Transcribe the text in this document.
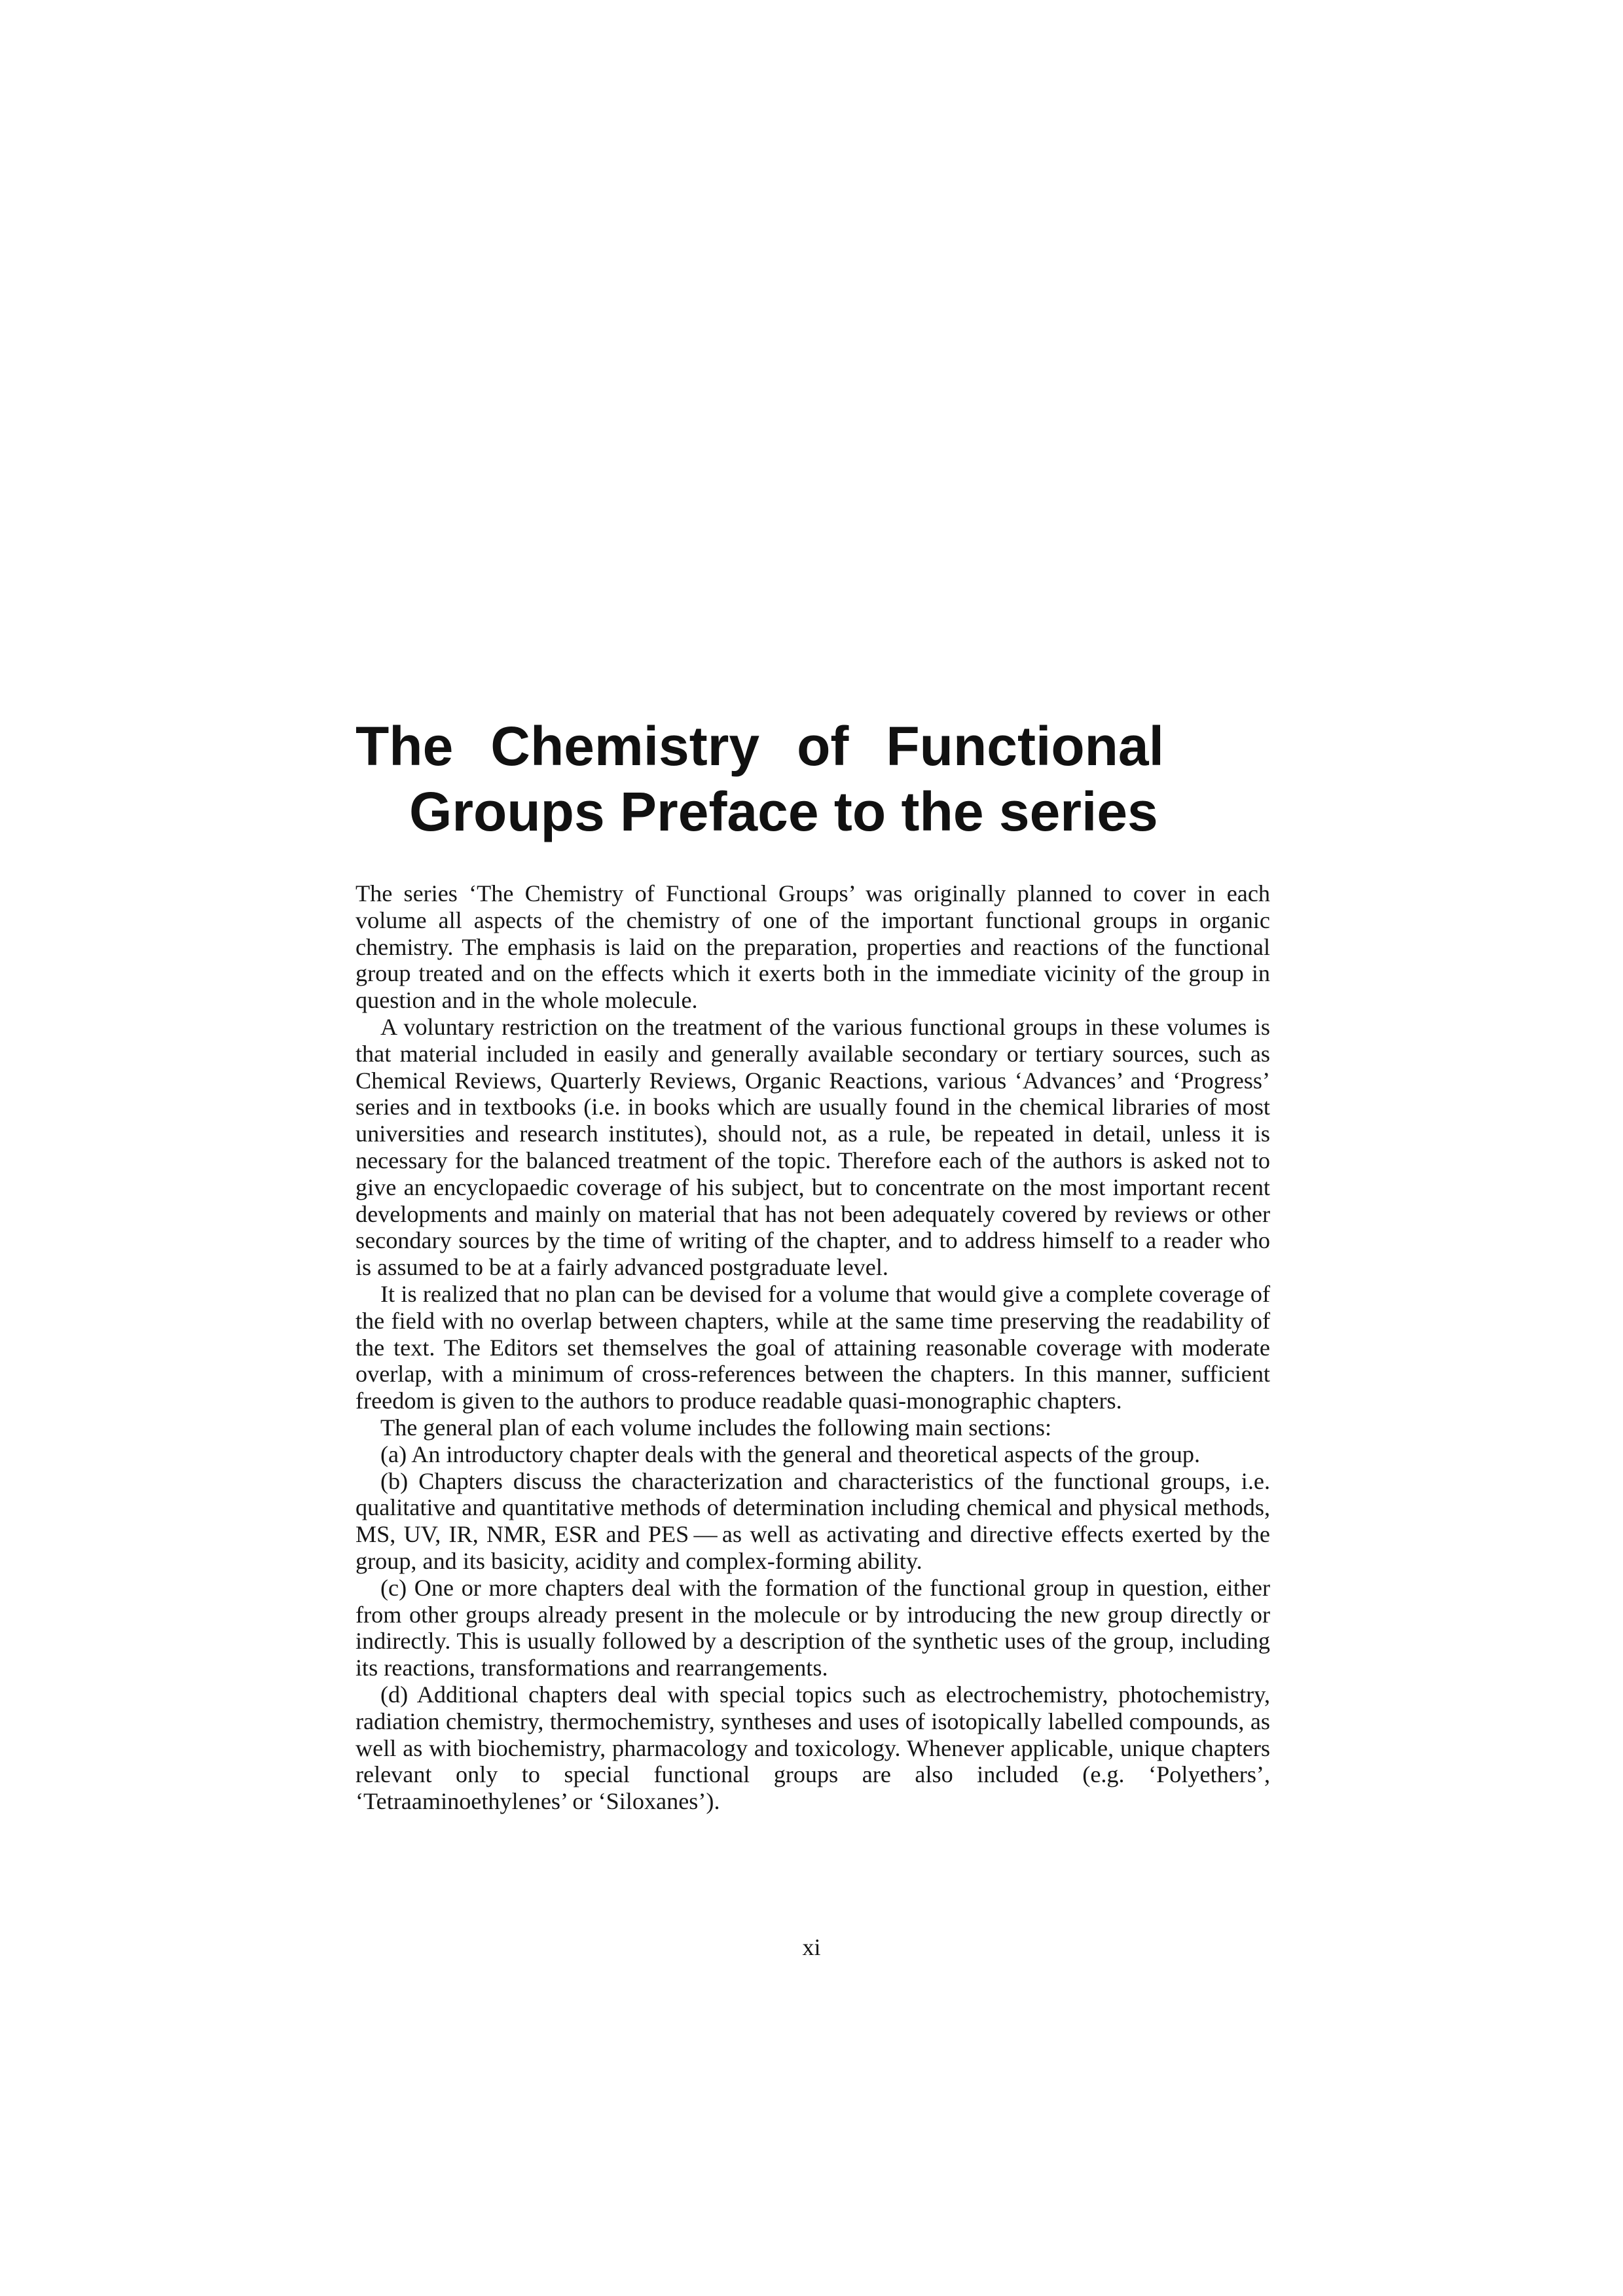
The Chemistry of Functional
Groups Preface to the series

The series ‘The Chemistry of Functional Groups’ was originally planned to cover in each volume all aspects of the chemistry of one of the important functional groups in organic chemistry. The emphasis is laid on the preparation, properties and reactions of the functional group treated and on the effects which it exerts both in the immediate vicinity of the group in question and in the whole molecule.

A voluntary restriction on the treatment of the various functional groups in these volumes is that material included in easily and generally available secondary or tertiary sources, such as Chemical Reviews, Quarterly Reviews, Organic Reactions, various ‘Advances’ and ‘Progress’ series and in textbooks (i.e. in books which are usually found in the chemical libraries of most universities and research institutes), should not, as a rule, be repeated in detail, unless it is necessary for the balanced treatment of the topic. Therefore each of the authors is asked not to give an encyclopaedic coverage of his subject, but to concentrate on the most important recent developments and mainly on material that has not been adequately covered by reviews or other secondary sources by the time of writing of the chapter, and to address himself to a reader who is assumed to be at a fairly advanced postgraduate level.

It is realized that no plan can be devised for a volume that would give a complete coverage of the field with no overlap between chapters, while at the same time preserving the readability of the text. The Editors set themselves the goal of attaining reasonable coverage with moderate overlap, with a minimum of cross-references between the chapters. In this manner, sufficient freedom is given to the authors to produce readable quasi-monographic chapters.

The general plan of each volume includes the following main sections:

(a) An introductory chapter deals with the general and theoretical aspects of the group.

(b) Chapters discuss the characterization and characteristics of the functional groups, i.e. qualitative and quantitative methods of determination including chemical and physical methods, MS, UV, IR, NMR, ESR and PES — as well as activating and directive effects exerted by the group, and its basicity, acidity and complex-forming ability.

(c) One or more chapters deal with the formation of the functional group in question, either from other groups already present in the molecule or by introducing the new group directly or indirectly. This is usually followed by a description of the synthetic uses of the group, including its reactions, transformations and rearrangements.

(d) Additional chapters deal with special topics such as electrochemistry, photochemistry, radiation chemistry, thermochemistry, syntheses and uses of isotopically labelled compounds, as well as with biochemistry, pharmacology and toxicology. Whenever applicable, unique chapters relevant only to special functional groups are also included (e.g. ‘Polyethers’, ‘Tetraaminoethylenes’ or ‘Siloxanes’).

xi
